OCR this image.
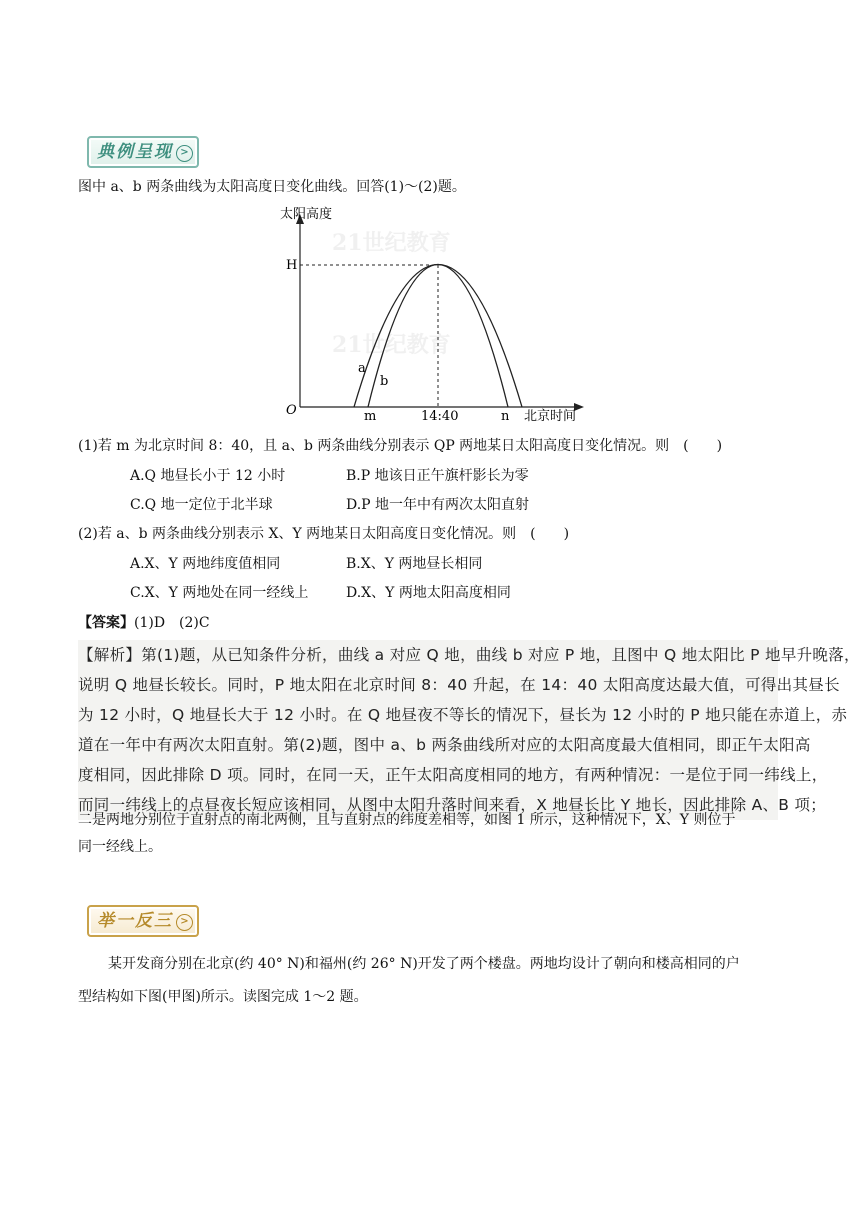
典例呈现 >
图中 a、b 两条曲线为太阳高度日变化曲线。回答(1)～(2)题。
21世纪教育
21世纪教育
太阳高度
H
O
a
b
m	14:40	n 北京时间
(1)若 m 为北京时间 8：40，且 a、b 两条曲线分别表示 QP 两地某日太阳高度日变化情况。则　(　　)
A.Q 地昼长小于 12 小时	B.P 地该日正午旗杆影长为零
C.Q 地一定位于北半球	D.P 地一年中有两次太阳直射
(2)若 a、b 两条曲线分别表示 X、Y 两地某日太阳高度日变化情况。则　(　　)
A.X、Y 两地纬度值相同	B.X、Y 两地昼长相同
C.X、Y 两地处在同一经线上	D.X、Y 两地太阳高度相同
【答案】(1)D　(2)C
【解析】第(1)题，从已知条件分析，曲线 a 对应 Q 地，曲线 b 对应 P 地，且图中 Q 地太阳比 P 地早升晚落，
说明 Q 地昼长较长。同时，P 地太阳在北京时间 8：40 升起，在 14：40 太阳高度达最大值，可得出其昼长
为 12 小时，Q 地昼长大于 12 小时。在 Q 地昼夜不等长的情况下，昼长为 12 小时的 P 地只能在赤道上，赤
道在一年中有两次太阳直射。第(2)题，图中 a、b 两条曲线所对应的太阳高度最大值相同，即正午太阳高
度相同，因此排除 D 项。同时，在同一天，正午太阳高度相同的地方，有两种情况：一是位于同一纬线上，
而同一纬线上的点昼夜长短应该相同，从图中太阳升落时间来看，X 地昼长比 Y 地长，因此排除 A、B 项；
二是两地分别位于直射点的南北两侧，且与直射点的纬度差相等，如图 1 所示，这种情况下，X、Y 则位于
同一经线上。
举一反三 >
某开发商分别在北京(约 40° N)和福州(约 26° N)开发了两个楼盘。两地均设计了朝向和楼高相同的户
型结构如下图(甲图)所示。读图完成 1～2 题。
